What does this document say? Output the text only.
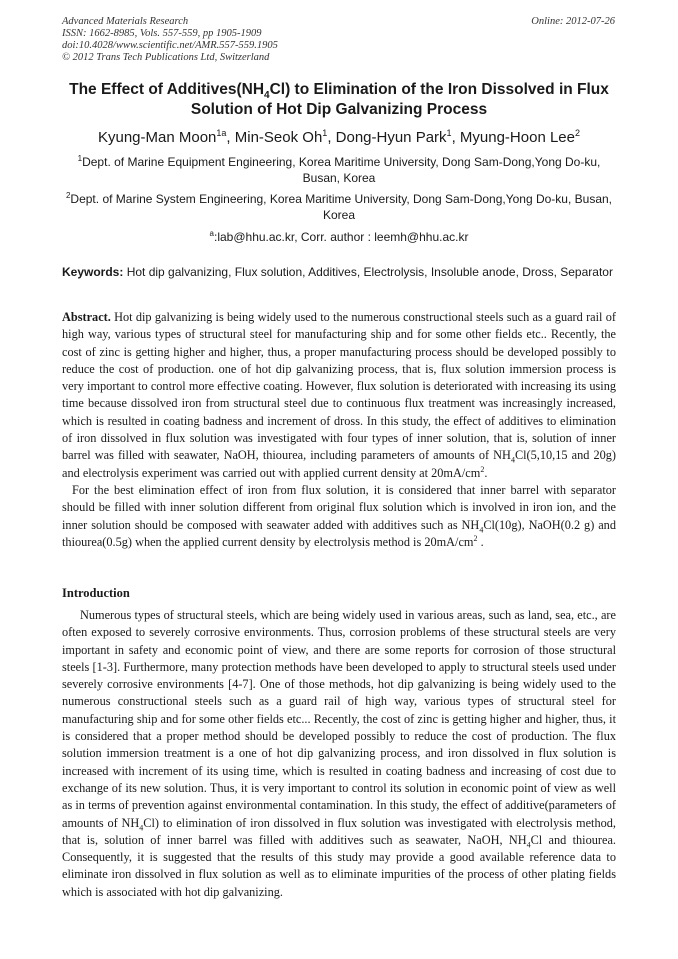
Advanced Materials Research
ISSN: 1662-8985, Vols. 557-559, pp 1905-1909
doi:10.4028/www.scientific.net/AMR.557-559.1905
© 2012 Trans Tech Publications Ltd, Switzerland
Online: 2012-07-26
The Effect of $Additives(NH_4Cl)$ to Elimination of the Iron Dissolved in Flux Solution of Hot Dip Galvanizing Process
Kyung-Man Moon$^{1a}$, Min-Seok Oh$^1$, Dong-Hyun Park$^1$, Myung-Hoon Lee$^2$
$^1$Dept. of Marine Equipment Engineering, Korea Maritime University, Dong Sam-Dong,Yong Do-ku, Busan, Korea
$^2$Dept. of Marine System Engineering, Korea Maritime University, Dong Sam-Dong,Yong Do-ku, Busan, Korea
$^a$:lab@hhu.ac.kr, Corr. author : leemh@hhu.ac.kr
Keywords: Hot dip galvanizing, Flux solution, Additives, Electrolysis, Insoluble anode, Dross, Separator
Abstract. Hot dip galvanizing is being widely used to the numerous constructional steels such as a guard rail of high way, various types of structural steel for manufacturing ship and for some other fields etc.. Recently, the cost of zinc is getting higher and higher, thus, a proper manufacturing process should be developed possibly to reduce the cost of production. one of hot dip galvanizing process, that is, flux solution immersion process is very important to control more effective coating. However, flux solution is deteriorated with increasing its using time because dissolved iron from structural steel due to continuous flux treatment was increasingly increased, which is resulted in coating badness and increment of dross. In this study, the effect of additives to elimination of iron dissolved in flux solution was investigated with four types of inner solution, that is, solution of inner barrel was filled with seawater, NaOH, thiourea, including parameters of amounts of $NH_4Cl(5,10,15$ and 20g) and electrolysis experiment was carried out with applied current density at $20mA/cm^2$.
For the best elimination effect of iron from flux solution, it is considered that inner barrel with separator should be filled with inner solution different from original flux solution which is involved in iron ion, and the inner solution should be composed with seawater added with additives such as $NH_4Cl(10g)$, NaOH(0.2 g) and thiourea(0.5g) when the applied current density by electrolysis method is $20mA/cm^2$ .
Introduction
Numerous types of structural steels, which are being widely used in various areas, such as land, sea, etc., are often exposed to severely corrosive environments. Thus, corrosion problems of these structural steels are very important in safety and economic point of view, and there are some reports for corrosion of those structural steels [1-3]. Furthermore, many protection methods have been developed to apply to structural steels used under severely corrosive environments [4-7]. One of those methods, hot dip galvanizing is being widely used to the numerous constructional steels such as a guard rail of high way, various types of structural steel for manufacturing ship and for some other fields etc... Recently, the cost of zinc is getting higher and higher, thus, it is considered that a proper method should be developed possibly to reduce the cost of production. The flux solution immersion treatment is a one of hot dip galvanizing process, and iron dissolved in flux solution is increased with increment of its using time, which is resulted in coating badness and increasing of cost due to exchange of its new solution. Thus, it is very important to control its solution in economic point of view as well as in terms of prevention against environmental contamination. In this study, the effect of additive(parameters of amounts of $NH_4Cl$) to elimination of iron dissolved in flux solution was investigated with electrolysis method, that is, solution of inner barrel was filled with additives such as seawater, NaOH, $NH_4Cl$ and thiourea. Consequently, it is suggested that the results of this study may provide a good available reference data to eliminate iron dissolved in flux solution as well as to eliminate impurities of the process of other plating fields which is associated with hot dip galvanizing.
